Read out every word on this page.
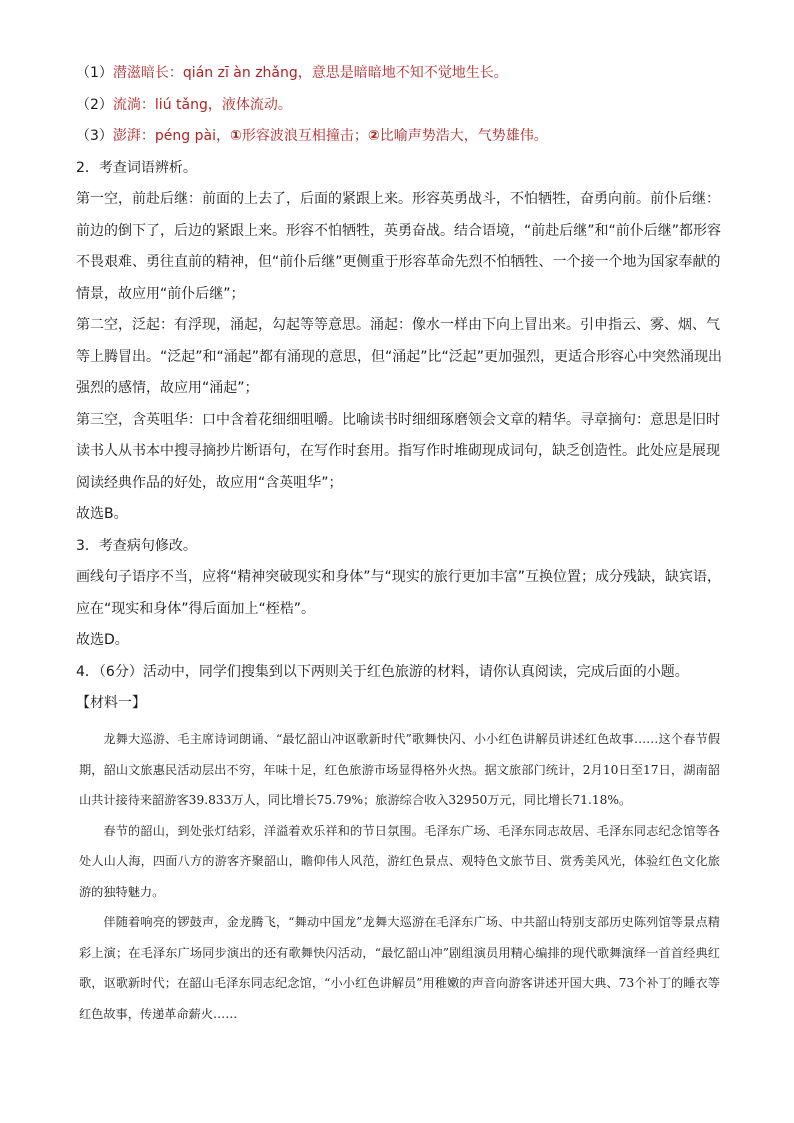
（1）潜滋暗长：qián zī àn zhǎng，意思是暗暗地不知不觉地生长。
（2）流淌：liú tǎng，液体流动。
（3）澎湃：péng pài，①形容波浪互相撞击；②比喻声势浩大，气势雄伟。
2．考查词语辨析。
第一空，前赴后继：前面的上去了，后面的紧跟上来。形容英勇战斗，不怕牺牲，奋勇向前。前仆后继：
前边的倒下了，后边的紧跟上来。形容不怕牺牲，英勇奋战。结合语境，“前赴后继”和“前仆后继”都形容
不畏艰难、勇往直前的精神，但“前仆后继”更侧重于形容革命先烈不怕牺牲、一个接一个地为国家奉献的
情景，故应用“前仆后继”；
第二空，泛起：有浮现，涌起，勾起等等意思。涌起：像水一样由下向上冒出来。引申指云、雾、烟、气
等上腾冒出。“泛起”和“涌起”都有涌现的意思，但“涌起”比“泛起”更加强烈，更适合形容心中突然涌现出
强烈的感情，故应用“涌起”；
第三空，含英咀华：口中含着花细细咀嚼。比喻读书时细细琢磨领会文章的精华。寻章摘句：意思是旧时
读书人从书本中搜寻摘抄片断语句，在写作时套用。指写作时堆砌现成词句，缺乏创造性。此处应是展现
阅读经典作品的好处，故应用“含英咀华”；
故选B。
3．考查病句修改。
画线句子语序不当，应将“精神突破现实和身体”与“现实的旅行更加丰富”互换位置；成分残缺，缺宾语，
应在“现实和身体”得后面加上“桎梏”。
故选D。
4．（6分）活动中，同学们搜集到以下两则关于红色旅游的材料，请你认真阅读，完成后面的小题。
【材料一】

龙舞大巡游、毛主席诗词朗诵、“最忆韶山冲讴歌新时代”歌舞快闪、小小红色讲解员讲述红色故事……这个春节假期，韶山文旅惠民活动层出不穷，年味十足，红色旅游市场显得格外火热。据文旅部门统计，2月10日至17日，湖南韶山共计接待来韶游客39.833万人，同比增长75.79%；旅游综合收入32950万元，同比增长71.18%。

春节的韶山，到处张灯结彩，洋溢着欢乐祥和的节日氛围。毛泽东广场、毛泽东同志故居、毛泽东同志纪念馆等各处人山人海，四面八方的游客齐聚韶山，瞻仰伟人风范，游红色景点、观特色文旅节目、赏秀美风光，体验红色文化旅游的独特魅力。

伴随着响亮的锣鼓声，金龙腾飞，“舞动中国龙”龙舞大巡游在毛泽东广场、中共韶山特别支部历史陈列馆等景点精彩上演；在毛泽东广场同步演出的还有歌舞快闪活动，“最忆韶山冲”剧组演员用精心编排的现代歌舞演绎一首首经典红歌，讴歌新时代；在韶山毛泽东同志纪念馆，“小小红色讲解员”用稚嫩的声音向游客讲述开国大典、73个补丁的睡衣等红色故事，传递革命薪火……
